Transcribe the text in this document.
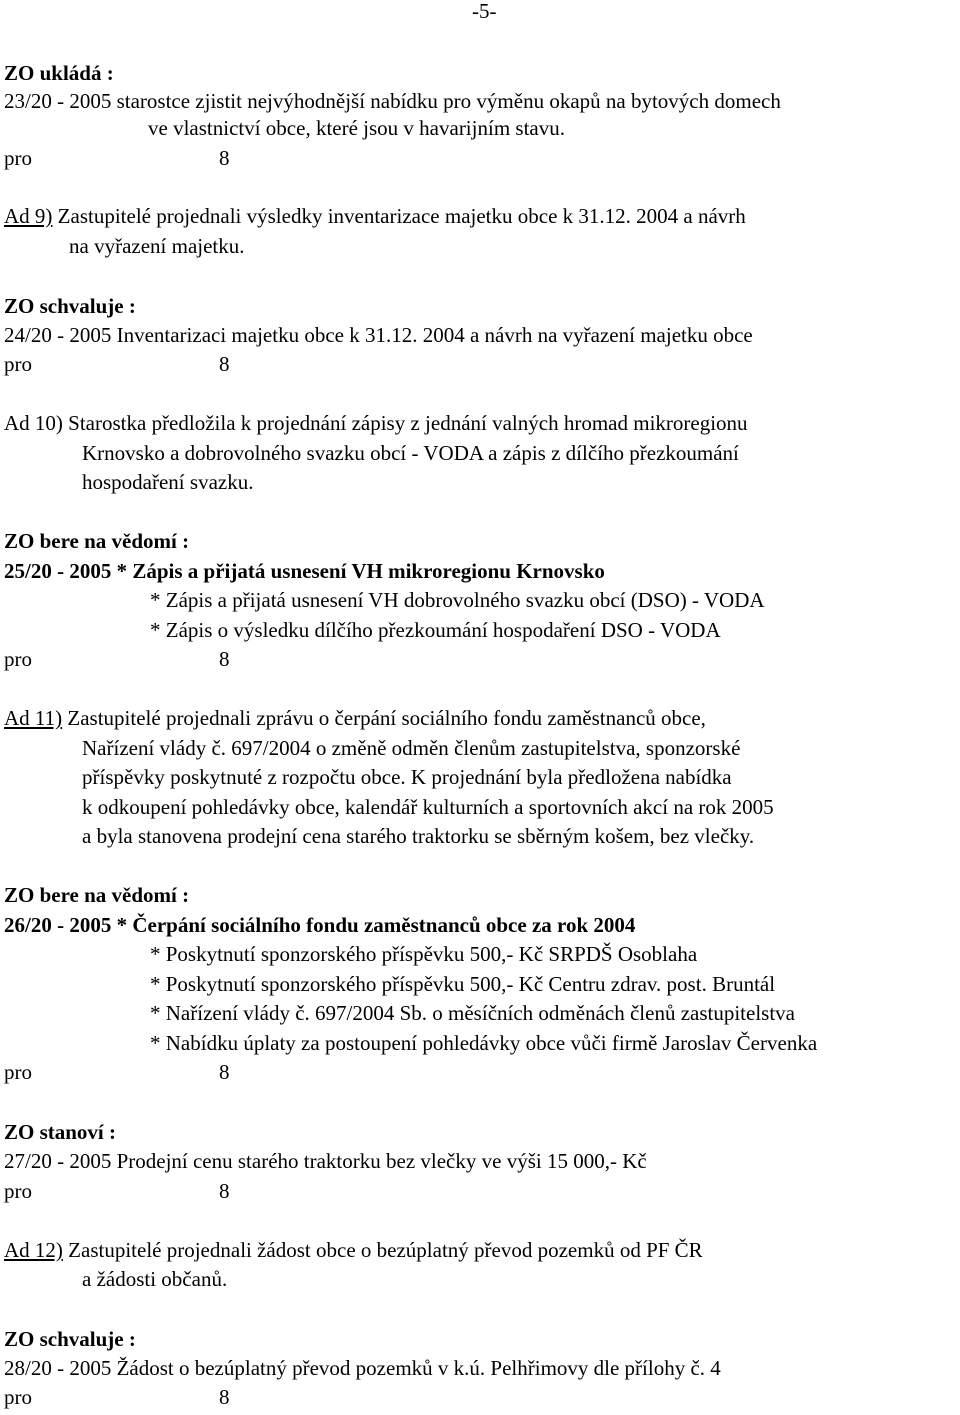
-5-
ZO ukládá :
23/20 - 2005 starostce zjistit nejvýhodnější nabídku pro výměnu okapů na bytových domech
ve vlastnictví obce, které jsou v havarijním stavu.
pro	8
Ad 9) Zastupitelé projednali výsledky inventarizace majetku obce k 31.12. 2004 a návrh
na vyřazení majetku.
ZO schvaluje :
24/20 - 2005 Inventarizaci majetku obce k 31.12. 2004 a návrh na vyřazení majetku obce
pro	8
Ad 10) Starostka předložila k projednání zápisy z jednání valných hromad mikroregionu
Krnovsko a dobrovolného svazku obcí - VODA a zápis z dílčího přezkoumání
hospodaření svazku.
ZO bere na vědomí :
25/20 - 2005 * Zápis a přijatá usnesení VH mikroregionu Krnovsko
* Zápis a přijatá usnesení VH dobrovolného svazku obcí (DSO) - VODA
* Zápis o výsledku dílčího přezkoumání hospodaření DSO - VODA
pro	8
Ad 11) Zastupitelé projednali zprávu o čerpání sociálního fondu zaměstnanců obce,
Nařízení vlády č. 697/2004 o změně odměn členům zastupitelstva, sponzorské
příspěvky poskytnuté z rozpočtu obce. K projednání byla předložena nabídka
k odkoupení pohledávky obce, kalendář kulturních a sportovních akcí na rok 2005
a byla stanovena prodejní cena starého traktorku se sběrným košem, bez vlečky.
ZO bere na vědomí :
26/20 - 2005 * Čerpání sociálního fondu zaměstnanců obce za rok 2004
* Poskytnutí sponzorského příspěvku 500,- Kč SRPDŠ Osoblaha
* Poskytnutí sponzorského příspěvku 500,- Kč Centru zdrav. post. Bruntál
* Nařízení vlády č. 697/2004 Sb. o měsíčních odměnách členů zastupitelstva
* Nabídku úplaty za postoupení pohledávky obce vůči firmě Jaroslav Červenka
pro	8
ZO stanoví :
27/20 - 2005 Prodejní cenu starého traktorku bez vlečky ve výši 15 000,- Kč
pro	8
Ad 12) Zastupitelé projednali žádost obce o bezúplatný převod pozemků od PF ČR
a žádosti občanů.
ZO schvaluje :
28/20 - 2005 Žádost o bezúplatný převod pozemků v k.ú. Pelhřimovy dle přílohy č. 4
pro	8
